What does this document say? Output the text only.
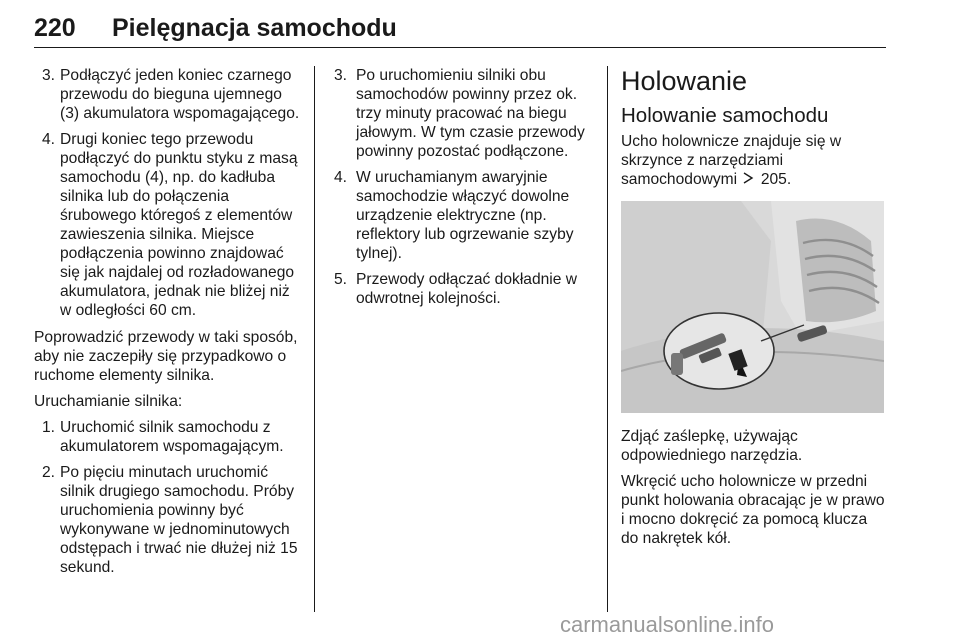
220 Pielęgnacja samochodu
3. Podłączyć jeden koniec czarnego przewodu do bieguna ujemnego (3) akumulatora wspomagającego.
4. Drugi koniec tego przewodu podłączyć do punktu styku z masą samochodu (4), np. do kadłuba silnika lub do połączenia śrubowego któregoś z elementów zawieszenia silnika. Miejsce podłączenia powinno znajdować się jak najdalej od rozładowanego akumulatora, jednak nie bliżej niż w odległości 60 cm.

Poprowadzić przewody w taki sposób, aby nie zaczepiły się przypadkowo o ruchome elementy silnika.

Uruchamianie silnika:

1. Uruchomić silnik samochodu z akumulatorem wspomagającym.
2. Po pięciu minutach uruchomić silnik drugiego samochodu. Próby uruchomienia powinny być wykonywane w jednominutowych odstępach i trwać nie dłużej niż 15 sekund.
3. Po uruchomieniu silniki obu samochodów powinny przez ok. trzy minuty pracować na biegu jałowym. W tym czasie przewody powinny pozostać podłączone.
4. W uruchamianym awaryjnie samochodzie włączyć dowolne urządzenie elektryczne (np. reflektory lub ogrzewanie szyby tylnej).
5. Przewody odłączać dokładnie w odwrotnej kolejności.
Holowanie
Holowanie samochodu

Ucho holownicze znajduje się w skrzynce z narzędziami samochodowymi 205.

Zdjąć zaślepkę, używając odpowiedniego narzędzia.

Wkręcić ucho holownicze w przedni punkt holowania obracając je w prawo i mocno dokręcić za pomocą klucza do nakrętek kół.

carmanualsonline.info
